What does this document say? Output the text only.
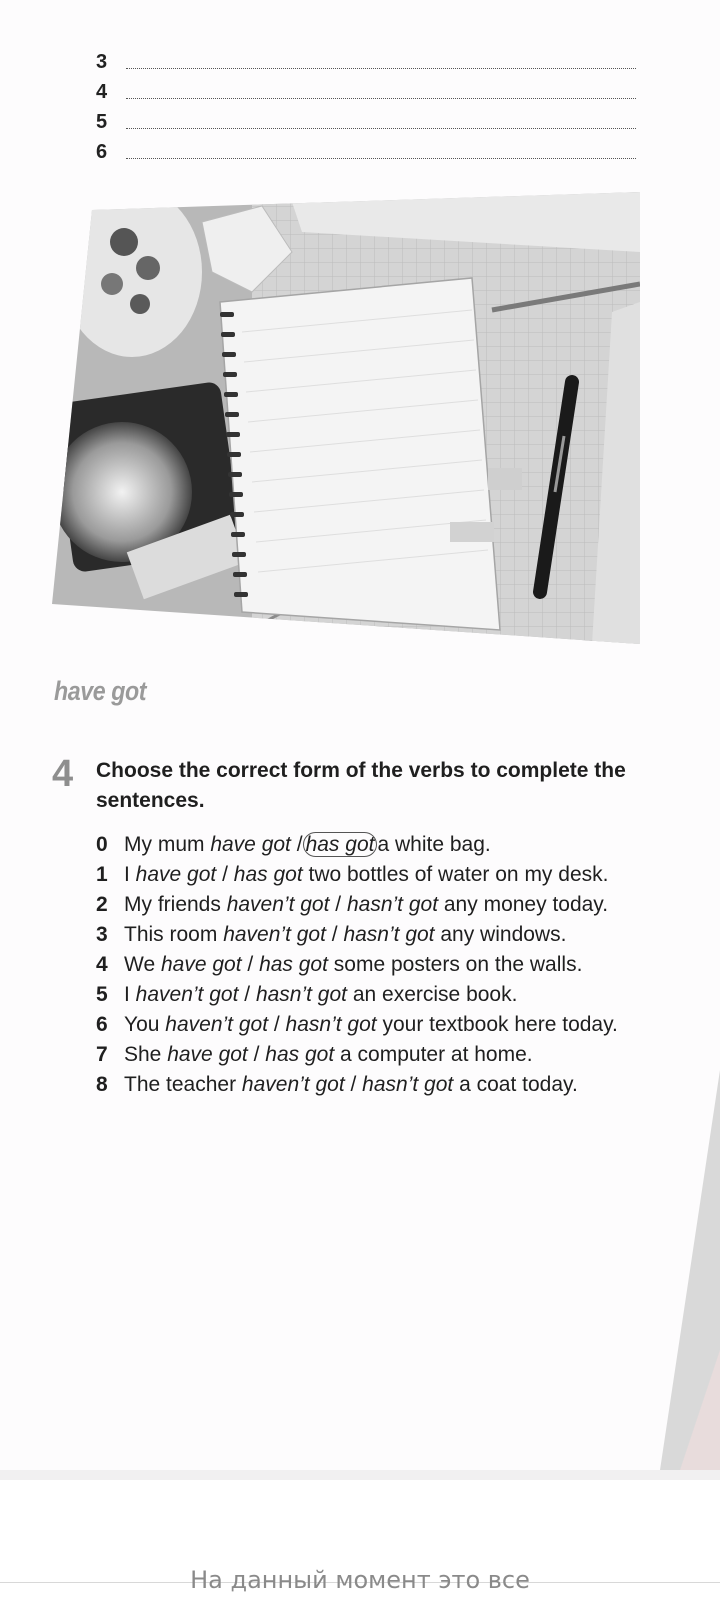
3
4
5
6
have got
4 Choose the correct form of the verbs to complete the sentences.
0 My mum have got / has got a white bag.
1 I have got / has got two bottles of water on my desk.
2 My friends haven’t got / hasn’t got any money today.
3 This room haven’t got / hasn’t got any windows.
4 We have got / has got some posters on the walls.
5 I haven’t got / hasn’t got an exercise book.
6 You haven’t got / hasn’t got your textbook here today.
7 She have got / has got a computer at home.
8 The teacher haven’t got / hasn’t got a coat today.
На данный момент это все
